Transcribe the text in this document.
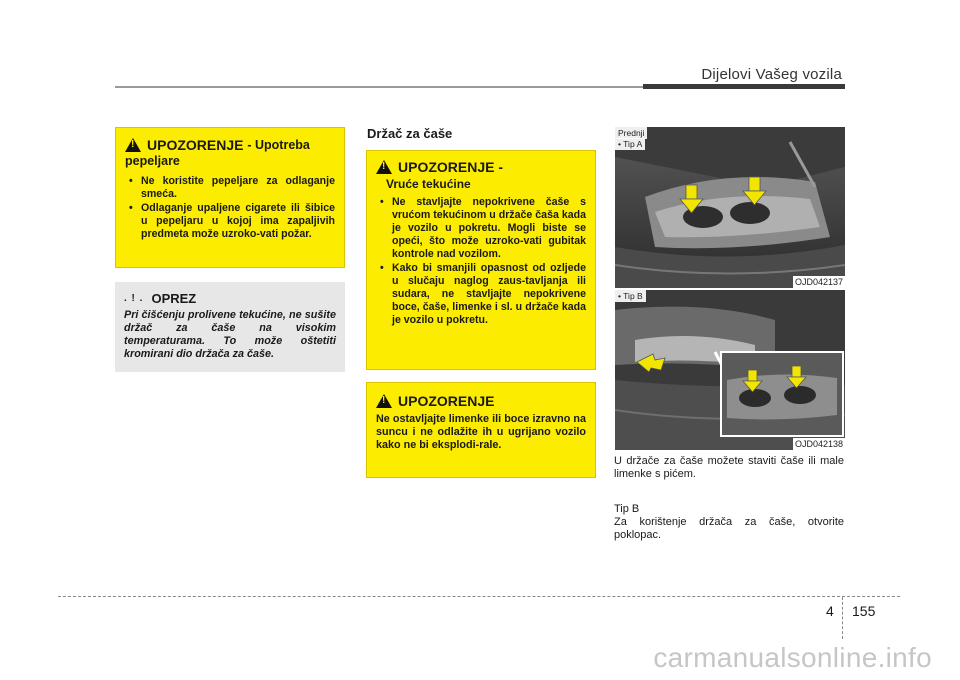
Dijelovi Vašeg vozila
!
UPOZORENJE
- Upotreba
pepeljare
• Ne koristite pepeljare za odlaganje smeća.
• Odlaganje upaljene cigarete ili šibice u pepeljaru u kojoj ima zapaljivih predmeta može uzroko-vati požar.
. ! . OPREZ
Pri čišćenju prolivene tekućine, ne sušite držač za čaše na visokim temperaturama. To može oštetiti kromirani dio držača za čaše.
Držač za čaše
!
UPOZORENJE -
Vruće tekućine
• Ne stavljajte nepokrivene čaše s vrućom tekućinom u držače čaša kada je vozilo u pokretu. Mogli biste se opeći, što može uzroko-vati gubitak kontrole nad vozilom.
• Kako bi smanjili opasnost od ozljede u slučaju naglog zaus-tavljanja ili sudara, ne stavljajte nepokrivene boce, čaše, limenke i sl. u držače kada je vozilo u pokretu.
!
UPOZORENJE
Ne ostavljajte limenke ili boce izravno na suncu i ne odlažite ih u ugrijano vozilo kako ne bi eksplodi-rale.
Prednji
• Tip A
OJD042137
• Tip B
OJD042138
U držače za čaše možete staviti čaše ili male limenke s pićem.
Tip B
Za korištenje držača za čaše, otvorite poklopac.
4 155
carmanualsonline.info
